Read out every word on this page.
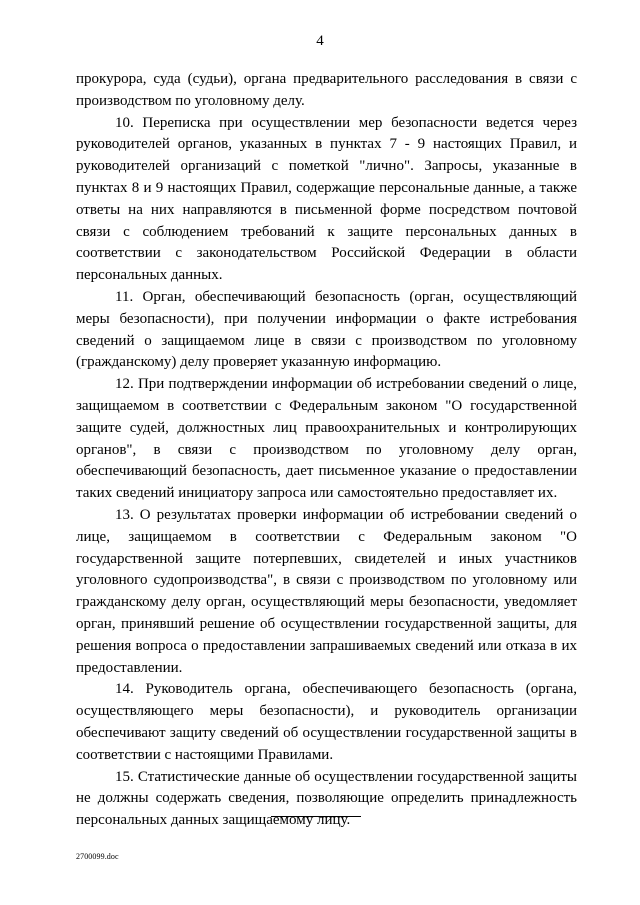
4

прокурора, суда (судьи), органа предварительного расследования в связи с производством по уголовному делу.

10. Переписка при осуществлении мер безопасности ведется через руководителей органов, указанных в пунктах 7 - 9 настоящих Правил, и руководителей организаций с пометкой "лично". Запросы, указанные в пунктах 8 и 9 настоящих Правил, содержащие персональные данные, а также ответы на них направляются в письменной форме посредством почтовой связи с соблюдением требований к защите персональных данных в соответствии с законодательством Российской Федерации в области персональных данных.

11. Орган, обеспечивающий безопасность (орган, осуществляющий меры безопасности), при получении информации о факте истребования сведений о защищаемом лице в связи с производством по уголовному (гражданскому) делу проверяет указанную информацию.

12. При подтверждении информации об истребовании сведений о лице, защищаемом в соответствии с Федеральным законом "О государственной защите судей, должностных лиц правоохранительных и контролирующих органов", в связи с производством по уголовному делу орган, обеспечивающий безопасность, дает письменное указание о предоставлении таких сведений инициатору запроса или самостоятельно предоставляет их.

13. О результатах проверки информации об истребовании сведений о лице, защищаемом в соответствии с Федеральным законом "О государственной защите потерпевших, свидетелей и иных участников уголовного судопроизводства", в связи с производством по уголовному или гражданскому делу орган, осуществляющий меры безопасности, уведомляет орган, принявший решение об осуществлении государственной защиты, для решения вопроса о предоставлении запрашиваемых сведений или отказа в их предоставлении.

14. Руководитель органа, обеспечивающего безопасность (органа, осуществляющего меры безопасности), и руководитель организации обеспечивают защиту сведений об осуществлении государственной защиты в соответствии с настоящими Правилами.

15. Статистические данные об осуществлении государственной защиты не должны содержать сведения, позволяющие определить принадлежность персональных данных защищаемому лицу.

2700099.doc
